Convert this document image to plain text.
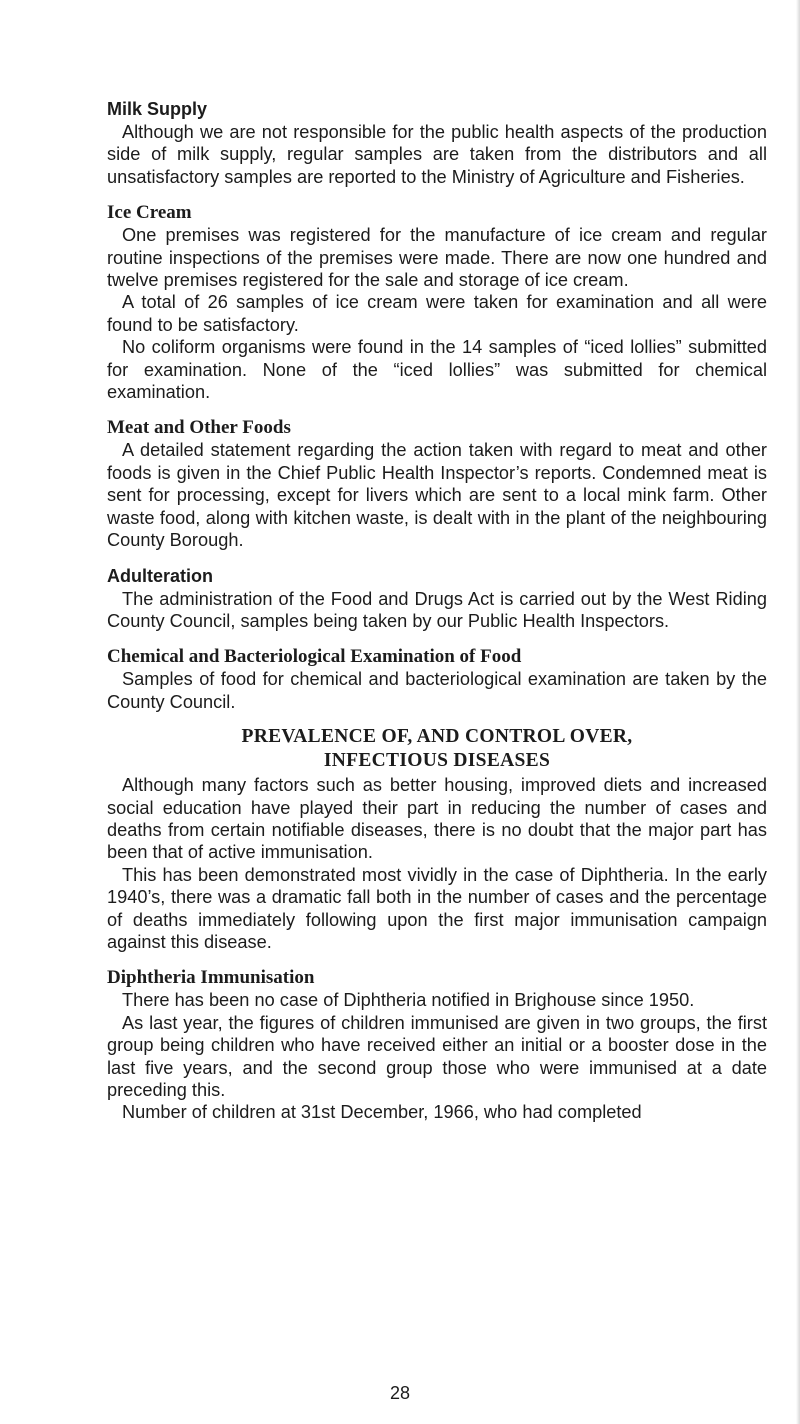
Milk Supply

Although we are not responsible for the public health aspects of the production side of milk supply, regular samples are taken from the distributors and all unsatisfactory samples are reported to the Ministry of Agriculture and Fisheries.

Ice Cream

One premises was registered for the manufacture of ice cream and regular routine inspections of the premises were made. There are now one hundred and twelve premises registered for the sale and storage of ice cream.

A total of 26 samples of ice cream were taken for examination and all were found to be satisfactory.

No coliform organisms were found in the 14 samples of “iced lollies” submitted for examination. None of the “iced lollies” was submitted for chemical examination.

Meat and Other Foods

A detailed statement regarding the action taken with regard to meat and other foods is given in the Chief Public Health Inspector’s reports. Condemned meat is sent for processing, except for livers which are sent to a local mink farm. Other waste food, along with kitchen waste, is dealt with in the plant of the neighbouring County Borough.

Adulteration

The administration of the Food and Drugs Act is carried out by the West Riding County Council, samples being taken by our Public Health Inspectors.

Chemical and Bacteriological Examination of Food

Samples of food for chemical and bacteriological examination are taken by the County Council.

PREVALENCE OF, AND CONTROL OVER,
INFECTIOUS DISEASES

Although many factors such as better housing, improved diets and increased social education have played their part in reducing the number of cases and deaths from certain notifiable diseases, there is no doubt that the major part has been that of active immunisation.

This has been demonstrated most vividly in the case of Diphtheria. In the early 1940’s, there was a dramatic fall both in the number of cases and the percentage of deaths immediately following upon the first major immunisation campaign against this disease.

Diphtheria Immunisation

There has been no case of Diphtheria notified in Brighouse since 1950.

As last year, the figures of children immunised are given in two groups, the first group being children who have received either an initial or a booster dose in the last five years, and the second group those who were immunised at a date preceding this.

Number of children at 31st December, 1966, who had completed

28
